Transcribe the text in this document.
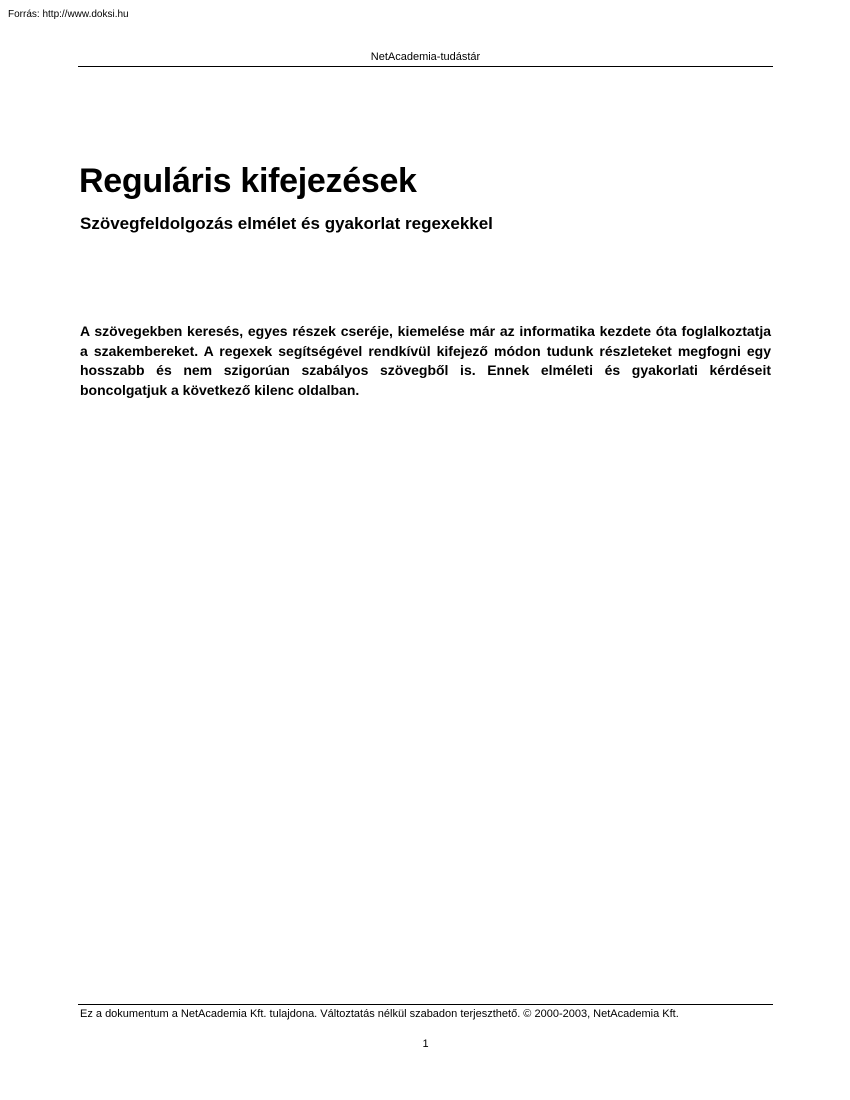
Forrás: http://www.doksi.hu
NetAcademia-tudástár
Reguláris kifejezések
Szövegfeldolgozás elmélet és gyakorlat regexekkel

A szövegekben keresés, egyes részek cseréje, kiemelése már az informatika kezdete óta foglalkoztatja a szakembereket. A regexek segítségével rendkívül kifejező módon tudunk részleteket megfogni egy hosszabb és nem szigorúan szabályos szövegből is. Ennek elméleti és gyakorlati kérdéseit boncolgatjuk a következő kilenc oldalban.

Ez a dokumentum a NetAcademia Kft. tulajdona. Változtatás nélkül szabadon terjeszthető. © 2000-2003, NetAcademia Kft.
1
